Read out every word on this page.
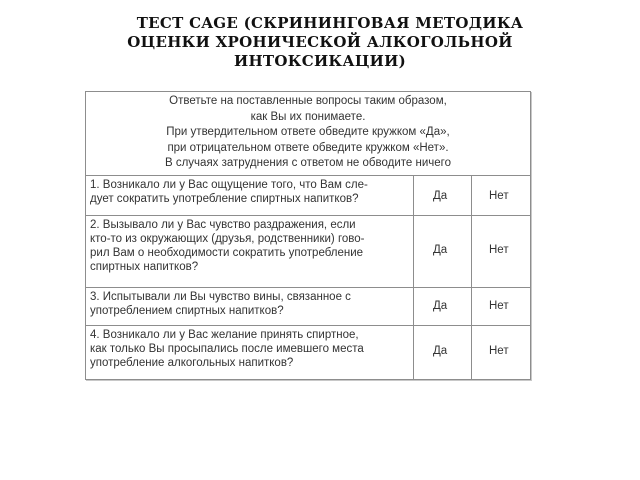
ТЕСТ CAGE (СКРИНИНГОВАЯ МЕТОДИКА
ОЦЕНКИ ХРОНИЧЕСКОЙ АЛКОГОЛЬНОЙ
ИНТОКСИКАЦИИ)
Ответьте на поставленные вопросы таким образом,
как Вы их понимаете.
При утвердительном ответе обведите кружком «Да»,
при отрицательном ответе обведите кружком «Нет».
В случаях затруднения с ответом не обводите ничего
1. Возникало ли у Вас ощущение того, что Вам сле-
дует сократить употребление спиртных напитков?	Да	Нет
2. Вызывало ли у Вас чувство раздражения, если
кто-то из окружающих (друзья, родственники) гово-
рил Вам о необходимости сократить употребление
спиртных напитков?
Да	Нет
3. Испытывали ли Вы чувство вины, связанное с
употреблением спиртных напитков?	Да	Нет
4. Возникало ли у Вас желание принять спиртное,
как только Вы просыпались после имевшего места
употребление алкогольных напитков?
Да	Нет
